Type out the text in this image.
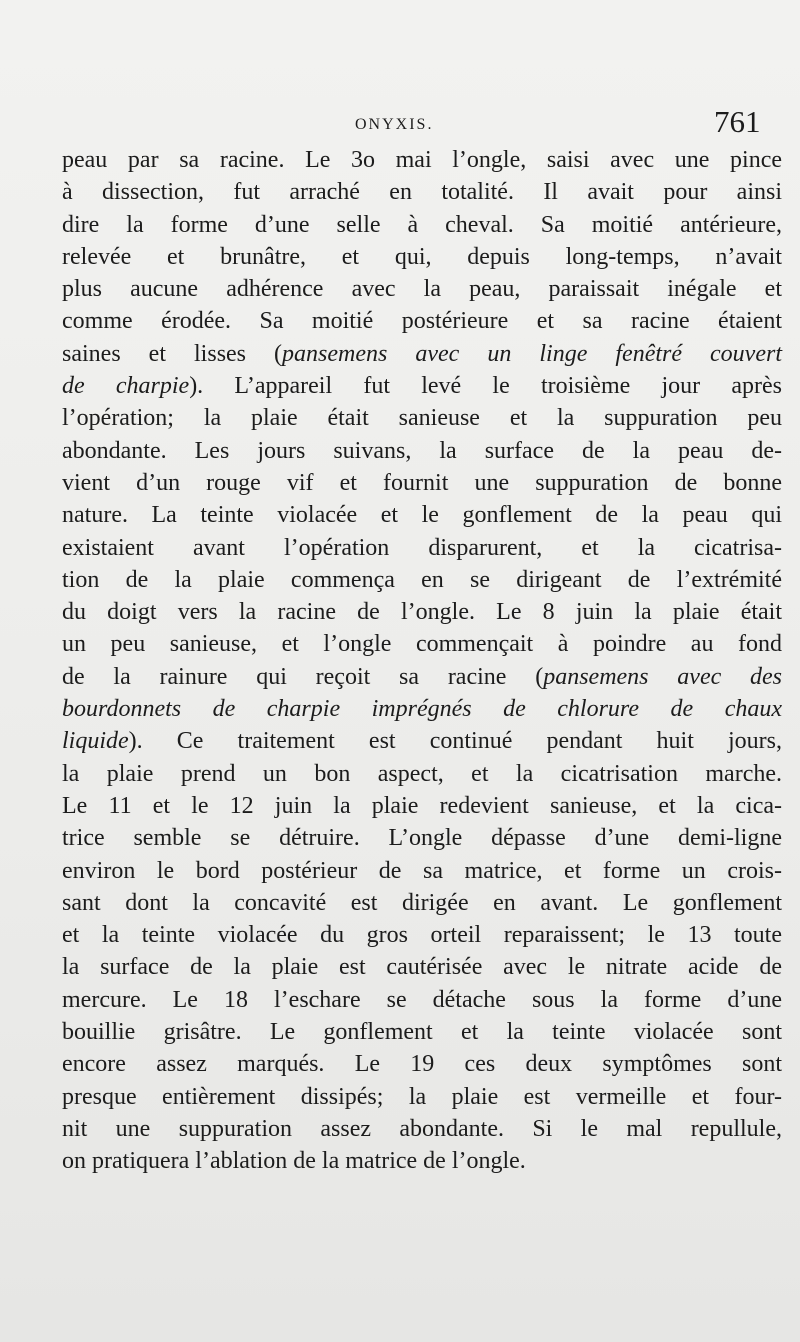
ONYXIS.	761
peau par sa racine. Le 3o mai l’ongle, saisi avec une pince
à dissection, fut arraché en totalité. Il avait pour ainsi
dire la forme d’une selle à cheval. Sa moitié antérieure,
relevée et brunâtre, et qui, depuis long-temps, n’avait
plus aucune adhérence avec la peau, paraissait inégale et
comme érodée. Sa moitié postérieure et sa racine étaient
saines et lisses (pansemens avec un linge fenêtré couvert
de charpie). L’appareil fut levé le troisième jour après
l’opération; la plaie était sanieuse et la suppuration peu
abondante. Les jours suivans, la surface de la peau de-
vient d’un rouge vif et fournit une suppuration de bonne
nature. La teinte violacée et le gonflement de la peau qui
existaient avant l’opération disparurent, et la cicatrisa-
tion de la plaie commença en se dirigeant de l’extrémité
du doigt vers la racine de l’ongle. Le 8 juin la plaie était
un peu sanieuse, et l’ongle commençait à poindre au fond
de la rainure qui reçoit sa racine (pansemens avec des
bourdonnets de charpie imprégnés de chlorure de chaux
liquide). Ce traitement est continué pendant huit jours,
la plaie prend un bon aspect, et la cicatrisation marche.
Le 11 et le 12 juin la plaie redevient sanieuse, et la cica-
trice semble se détruire. L’ongle dépasse d’une demi-ligne
environ le bord postérieur de sa matrice, et forme un crois-
sant dont la concavité est dirigée en avant. Le gonflement
et la teinte violacée du gros orteil reparaissent; le 13 toute
la surface de la plaie est cautérisée avec le nitrate acide de
mercure. Le 18 l’eschare se détache sous la forme d’une
bouillie grisâtre. Le gonflement et la teinte violacée sont
encore assez marqués. Le 19 ces deux symptômes sont
presque entièrement dissipés; la plaie est vermeille et four-
nit une suppuration assez abondante. Si le mal repullule,
on pratiquera l’ablation de la matrice de l’ongle.
